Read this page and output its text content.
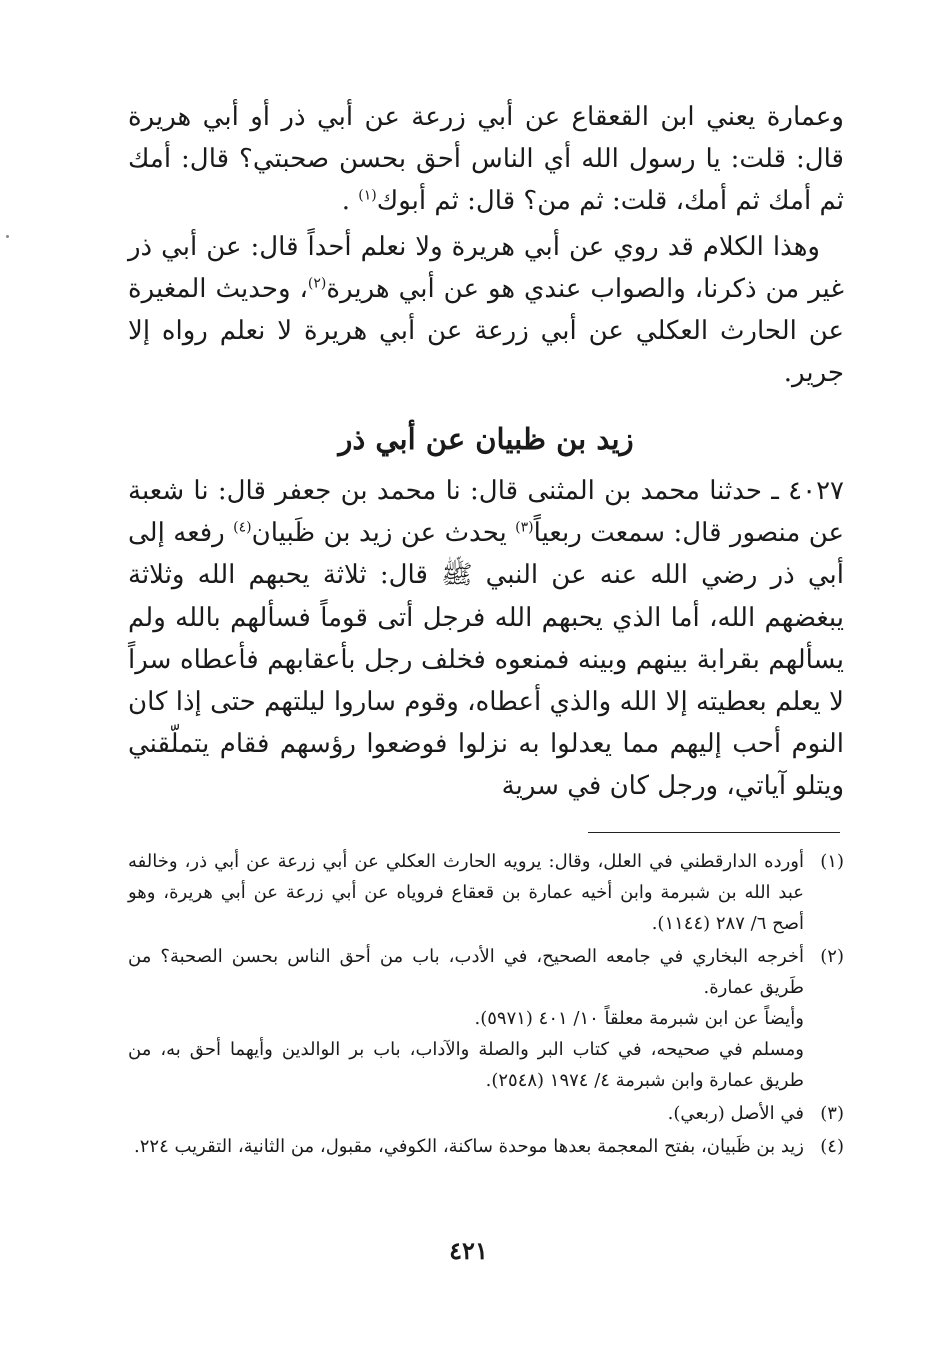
وعمارة يعني ابن القعقاع عن أبي زرعة عن أبي ذر أو أبي هريرة قال: قلت: يا رسول الله أي الناس أحق بحسن صحبتي؟ قال: أمك ثم أمك ثم أمك، قلت: ثم من؟ قال: ثم أبوك$^{(١)}$ .

وهذا الكلام قد روي عن أبي هريرة ولا نعلم أحداً قال: عن أبي ذر غير من ذكرنا، والصواب عندي هو عن أبي هريرة$^{(٢)}$، وحديث المغيرة عن الحارث العكلي عن أبي زرعة عن أبي هريرة لا نعلم رواه إلا جرير.

زيد بن ظبيان عن أبي ذر
٤٠٢٧ ـ حدثنا محمد بن المثنى قال: نا محمد بن جعفر قال: نا شعبة عن منصور قال: سمعت ربعياً$^{(٣)}$ يحدث عن زيد بن ظَبيان$^{(٤)}$ رفعه إلى أبي ذر رضي الله عنه عن النبي ﷺ قال: ثلاثة يحبهم الله وثلاثة يبغضهم الله، أما الذي يحبهم الله فرجل أتى قوماً فسألهم بالله ولم يسألهم بقرابة بينهم وبينه فمنعوه فخلف رجل بأعقابهم فأعطاه سراً لا يعلم بعطيته إلا الله والذي أعطاه، وقوم ساروا ليلتهم حتى إذا كان النوم أحب إليهم مما يعدلوا به نزلوا فوضعوا رؤسهم فقام يتملّقني ويتلو آياتي، ورجل كان في سرية
(١)
أورده الدارقطني في العلل، وقال: يرويه الحارث العكلي عن أبي زرعة عن أبي ذر، وخالفه عبد الله بن شبرمة وابن أخيه عمارة بن قعقاع فروياه عن أبي زرعة عن أبي هريرة، وهو أصح ٦/ ٢٨٧ (١١٤٤).
(٢)
أخرجه البخاري في جامعه الصحيح، في الأدب، باب من أحق الناس بحسن الصحبة؟ من طَريق عمارة.
وأيضاً عن ابن شبرمة معلقاً ١٠/ ٤٠١ (٥٩٧١).
ومسلم في صحيحه، في كتاب البر والصلة والآداب، باب بر الوالدين وأيهما أحق به، من طريق عمارة وابن شبرمة ٤/ ١٩٧٤ (٢٥٤٨).
(٣)
في الأصل (ربعي).
(٤)
زيد بن ظَبيان، بفتح المعجمة بعدها موحدة ساكنة، الكوفي، مقبول، من الثانية، التقريب ٢٢٤.
٤٢١
